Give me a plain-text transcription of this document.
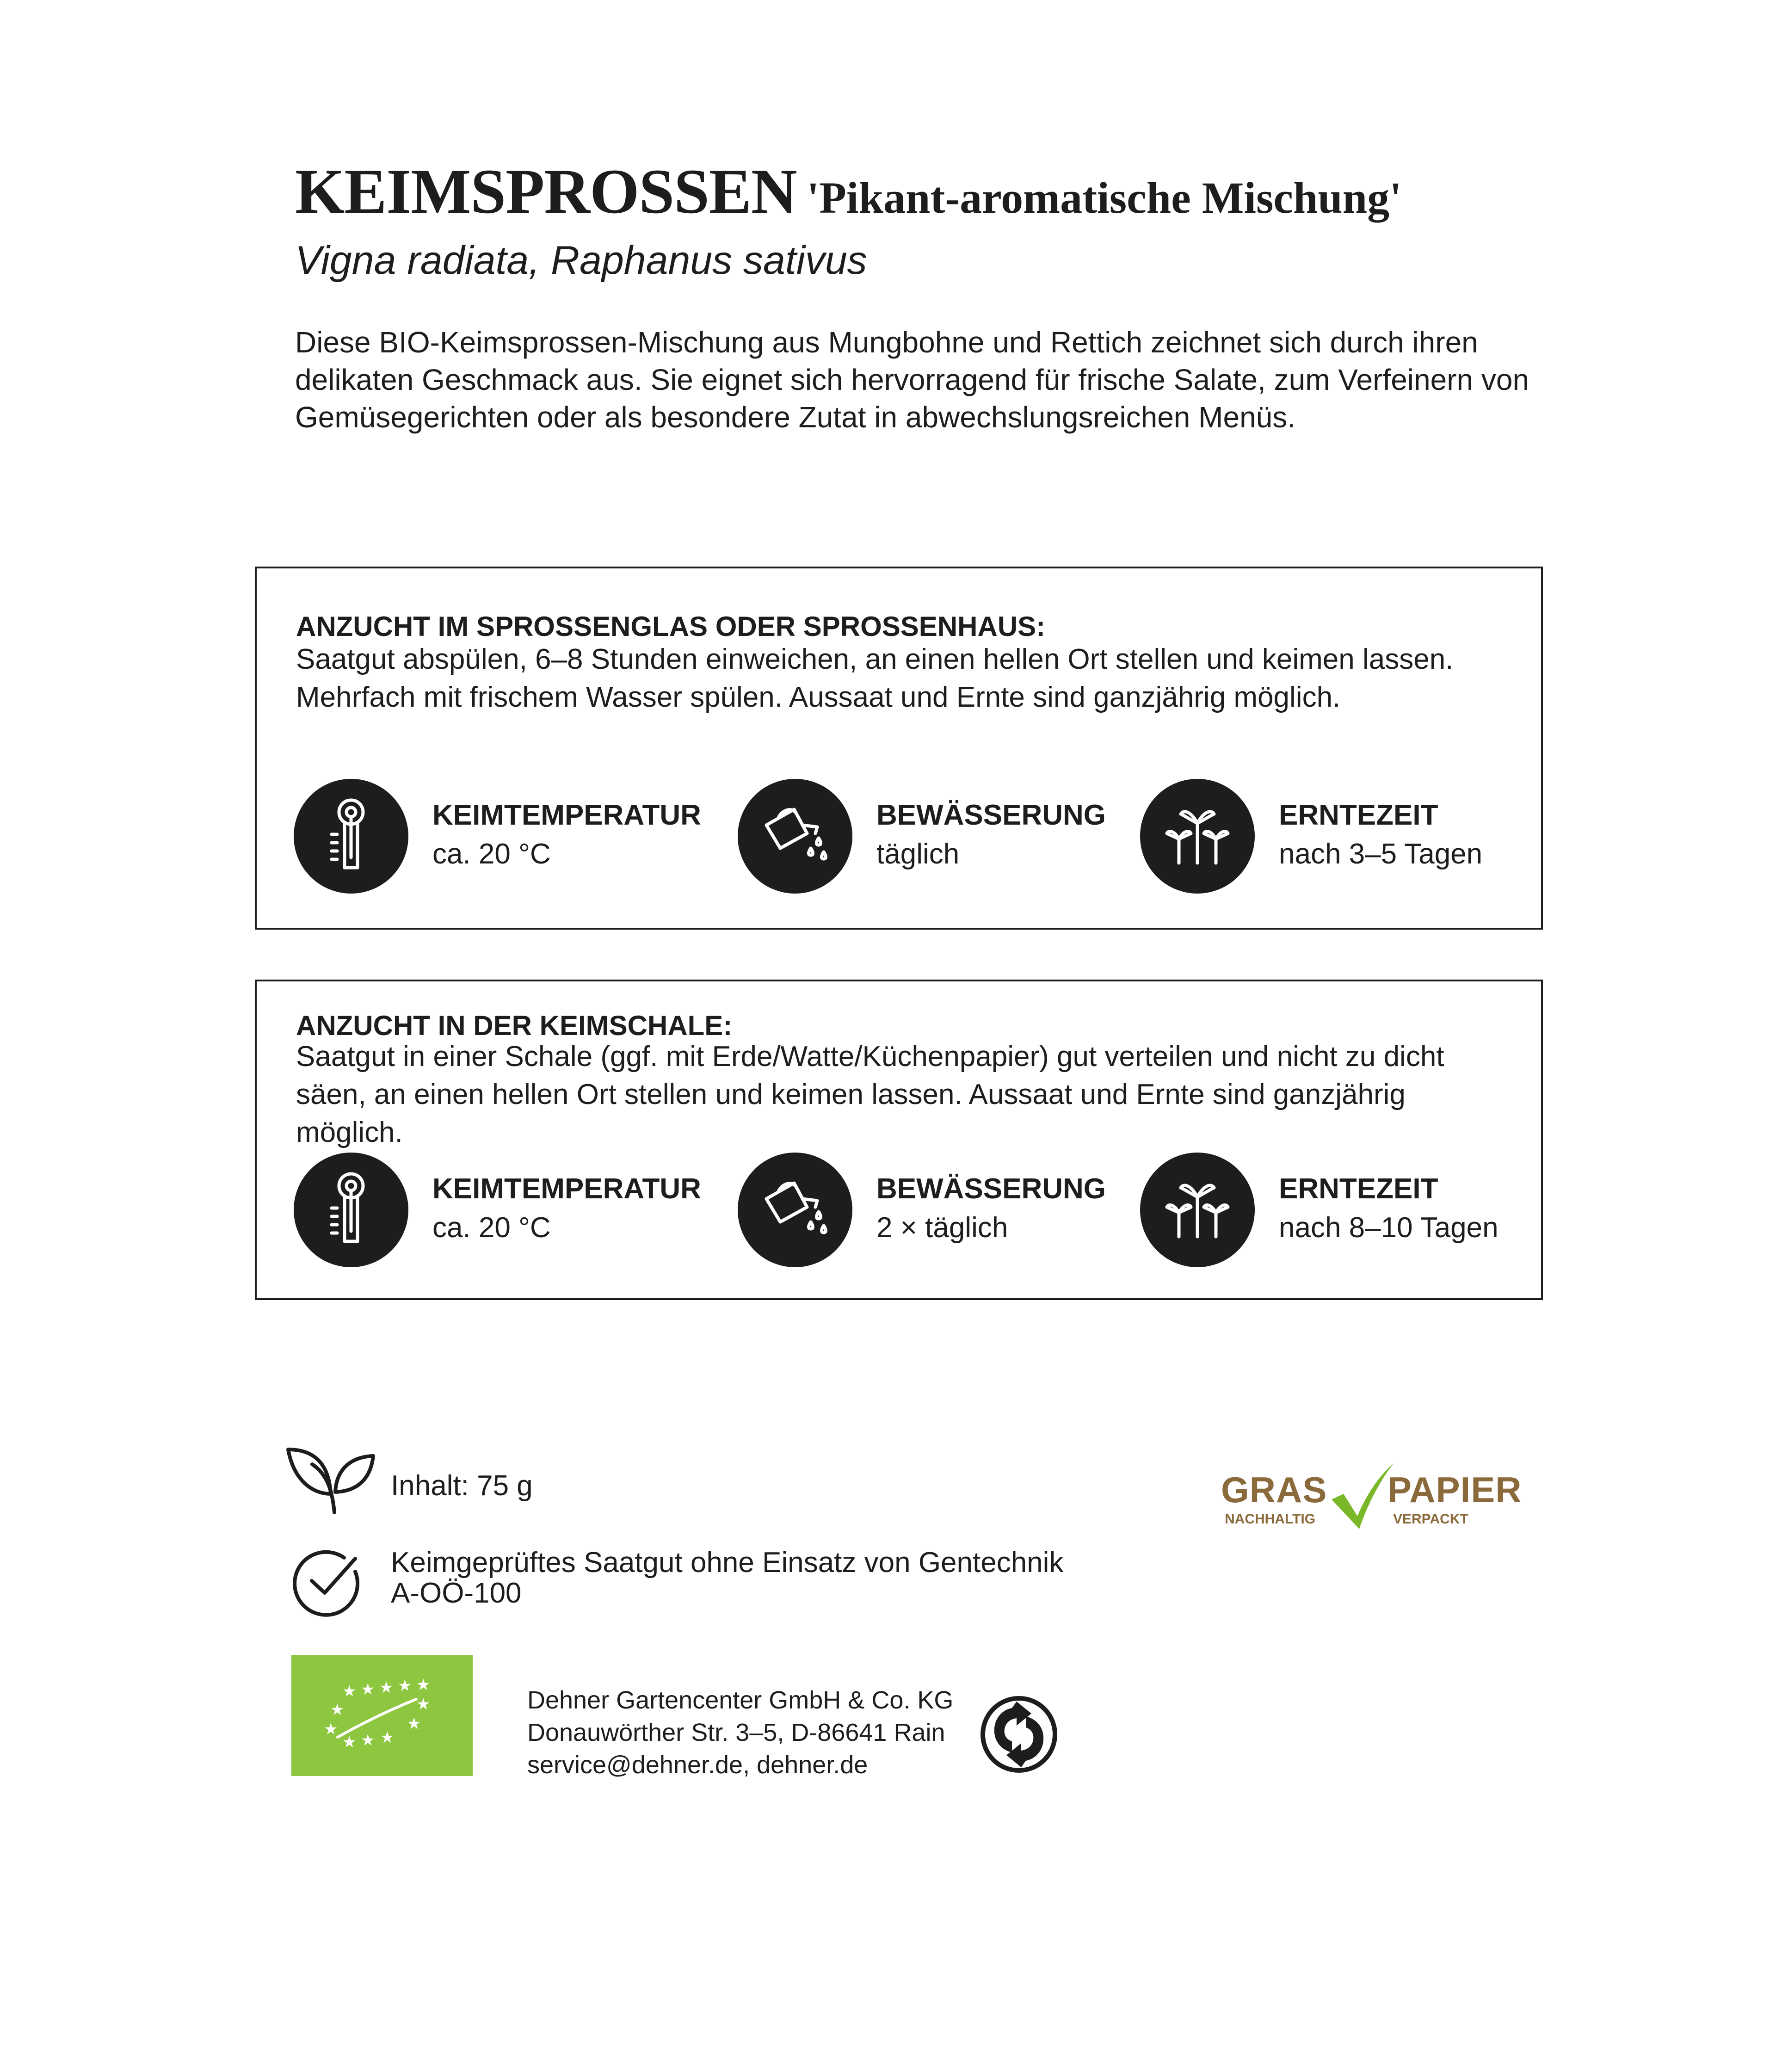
KEIMSPROSSEN 'Pikant-aromatische Mischung'
Vigna radiata, Raphanus sativus
Diese BIO-Keimsprossen-Mischung aus Mungbohne und Rettich zeichnet sich durch ihren delikaten Geschmack aus. Sie eignet sich hervorragend für frische Salate, zum Verfeinern von Gemüsegerichten oder als besondere Zutat in abwechslungsreichen Menüs.
ANZUCHT IM SPROSSENGLAS ODER SPROSSENHAUS:
Saatgut abspülen, 6–8 Stunden einweichen, an einen hellen Ort stellen und keimen lassen. Mehrfach mit frischem Wasser spülen. Aussaat und Ernte sind ganzjährig möglich.
KEIMTEMPERATUR
ca. 20 °C
BEWÄSSERUNG
täglich
ERNTEZEIT
nach 3–5 Tagen
ANZUCHT IN DER KEIMSCHALE:
Saatgut in einer Schale (ggf. mit Erde/Watte/Küchenpapier) gut verteilen und nicht zu dicht säen, an einen hellen Ort stellen und keimen lassen. Aussaat und Ernte sind ganzjährig möglich.
KEIMTEMPERATUR
ca. 20 °C
BEWÄSSERUNG
2 × täglich
ERNTEZEIT
nach 8–10 Tagen
Inhalt: 75 g
Keimgeprüftes Saatgut ohne Einsatz von Gentechnik
A-OÖ-100
★ ★ ★ ★ ★
★	★
★	★
★ ★ ★
Dehner Gartencenter GmbH & Co. KG
Donauwörther Str. 3–5, D-86641 Rain
service@dehner.de, dehner.de
GRAS PAPIER
NACHHALTIG	VERPACKT
